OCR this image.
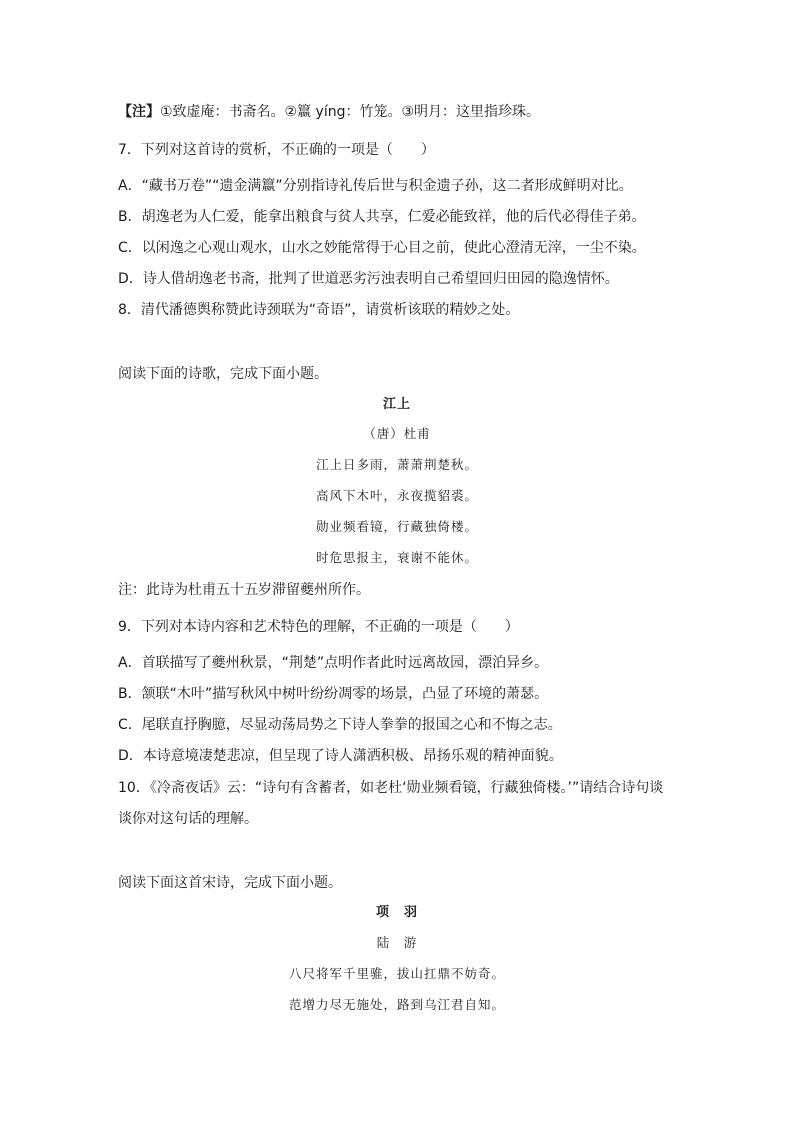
【注】①致虚庵：书斋名。②籝 yíng：竹笼。③明月：这里指珍珠。
7．下列对这首诗的赏析，不正确的一项是（　　）
A．“藏书万卷”“遗金满籝”分别指诗礼传后世与积金遗子孙，这二者形成鲜明对比。
B．胡逸老为人仁爱，能拿出粮食与贫人共享，仁爱必能致祥，他的后代必得佳子弟。
C．以闲逸之心观山观水，山水之妙能常得于心目之前，使此心澄清无滓，一尘不染。
D．诗人借胡逸老书斋，批判了世道恶劣污浊表明自己希望回归田园的隐逸情怀。
8．清代潘德舆称赞此诗颈联为“奇语”，请赏析该联的精妙之处。
阅读下面的诗歌，完成下面小题。
江上
（唐）杜甫
江上日多雨，萧萧荆楚秋。
高风下木叶，永夜揽貂裘。
勋业频看镜，行藏独倚楼。
时危思报主，衰谢不能休。
注：此诗为杜甫五十五岁滞留夔州所作。
9．下列对本诗内容和艺术特色的理解，不正确的一项是（　　）
A．首联描写了夔州秋景，“荆楚”点明作者此时远离故园，漂泊异乡。
B．颔联“木叶”描写秋风中树叶纷纷凋零的场景，凸显了环境的萧瑟。
C．尾联直抒胸臆，尽显动荡局势之下诗人拳拳的报国之心和不悔之志。
D．本诗意境凄楚悲凉，但呈现了诗人潇洒积极、昂扬乐观的精神面貌。
10．《冷斋夜话》云：“诗句有含蓄者，如老杜‘勋业频看镜，行藏独倚楼。’”请结合诗句谈
谈你对这句话的理解。
阅读下面这首宋诗，完成下面小题。
项　羽
陆　游
八尺将军千里骓，拔山扛鼎不妨奇。
范增力尽无施处，路到乌江君自知。
